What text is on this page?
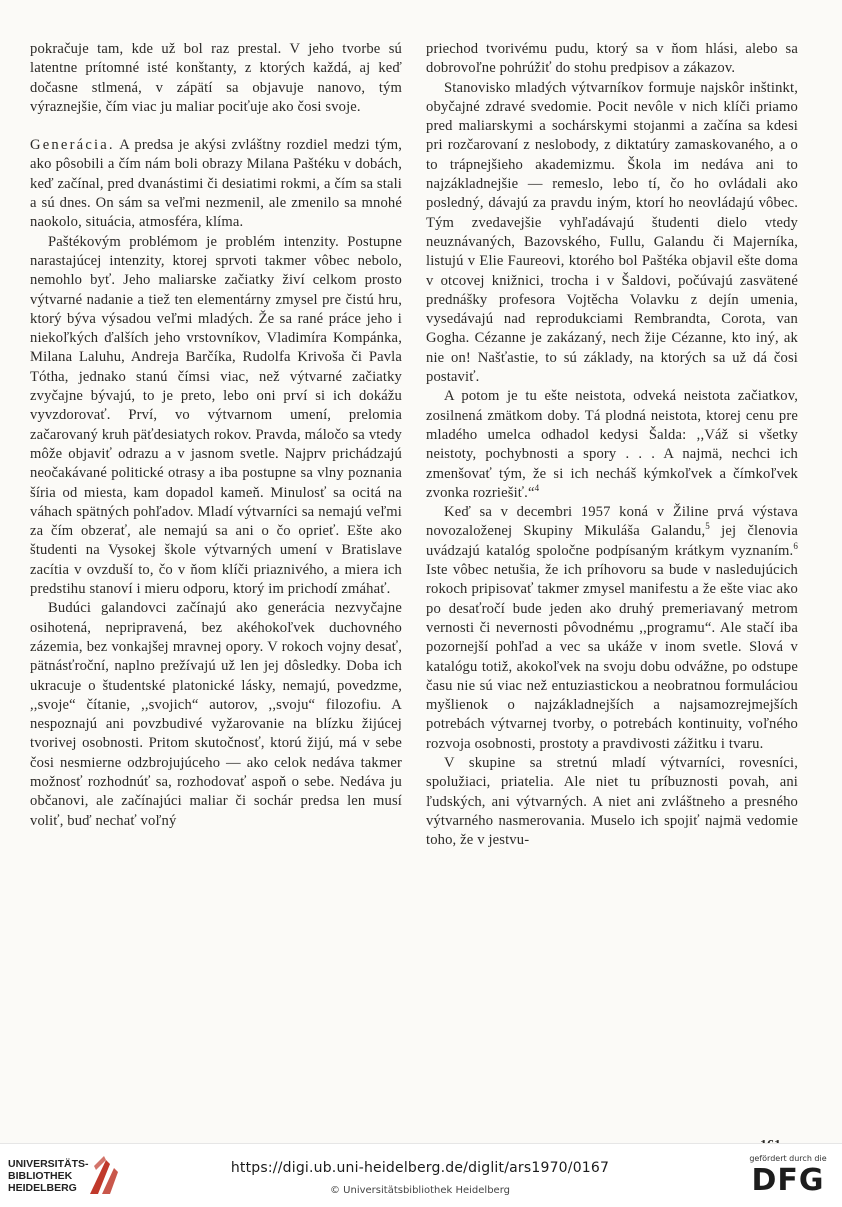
pokračuje tam, kde už bol raz prestal. V jeho tvorbe sú latentne prítomné isté konštanty, z ktorých každá, aj keď dočasne stlmená, v zápätí sa objavuje nanovo, tým výraznejšie, čím viac ju maliar pociťuje ako čosi svoje.

Generácia. A predsa je akýsi zvláštny rozdiel medzi tým, ako pôsobili a čím nám boli obrazy Milana Paštéku v dobách, keď začínal, pred dvanástimi či desiatimi rokmi, a čím sa stali a sú dnes. On sám sa veľmi nezmenil, ale zmenilo sa mnohé naokolo, situácia, atmosféra, klíma.

Paštékovým problémom je problém intenzity. Postupne narastajúcej intenzity, ktorej sprvoti takmer vôbec nebolo, nemohlo byť. Jeho maliarske začiatky živí celkom prosto výtvarné nadanie a tiež ten elementárny zmysel pre čistú hru, ktorý býva výsadou veľmi mladých. Že sa rané práce jeho i niekoľkých ďalších jeho vrstovníkov, Vladimíra Kompánka, Milana Laluhu, Andreja Barčíka, Rudolfa Krivoša či Pavla Tótha, jednako stanú čímsi viac, než výtvarné začiatky zvyčajne bývajú, to je preto, lebo oni prví si ich dokážu vyvzdorovať. Prví, vo výtvarnom umení, prelomia začarovaný kruh päťdesiatych rokov. Pravda, máločo sa vtedy môže objaviť odrazu a v jasnom svetle. Najprv prichádzajú neočakávané politické otrasy a iba postupne sa vlny poznania šíria od miesta, kam dopadol kameň. Minulosť sa ocitá na váhach spätných pohľadov. Mladí výtvarníci sa nemajú veľmi za čím obzerať, ale nemajú sa ani o čo oprieť. Ešte ako študenti na Vysokej škole výtvarných umení v Bratislave zacítia v ovzduší to, čo v ňom klíči priaznivého, a miera ich predstihu stanoví i mieru odporu, ktorý im prichodí zmáhať.

Budúci galandovci začínajú ako generácia nezvyčajne osihotená, nepripravená, bez akéhokoľvek duchovného zázemia, bez vonkajšej mravnej opory. V rokoch vojny desať, pätnásťroční, naplno prežívajú už len jej dôsledky. Doba ich ukracuje o študentské platonické lásky, nemajú, povedzme, ,,svoje“ čítanie, ,,svojich“ autorov, ,,svoju“ filozofiu. A nespoznajú ani povzbudivé vyžarovanie na blízku žijúcej tvorivej osobnosti. Pritom skutočnosť, ktorú žijú, má v sebe čosi nesmierne odzbrojujúceho — ako celok nedáva takmer možnosť rozhodnúť sa, rozhodovať aspoň o sebe. Nedáva ju občanovi, ale začínajúci maliar či sochár predsa len musí voliť, buď nechať voľný

priechod tvorivému pudu, ktorý sa v ňom hlási, alebo sa dobrovoľne pohrúžiť do stohu predpisov a zákazov.

Stanovisko mladých výtvarníkov formuje najskôr inštinkt, obyčajné zdravé svedomie. Pocit nevôle v nich klíči priamo pred maliarskymi a sochárskymi stojanmi a začína sa kdesi pri rozčarovaní z neslobody, z diktatúry zamaskovaného, a o to trápnejšieho akademizmu. Škola im nedáva ani to najzákladnejšie — remeslo, lebo tí, čo ho ovládali ako posledný, dávajú za pravdu iným, ktorí ho neovládajú vôbec. Tým zvedavejšie vyhľadávajú študenti dielo vtedy neuznávaných, Bazovského, Fullu, Galandu či Majerníka, listujú v Elie Faureovi, ktorého bol Paštéka objavil ešte doma v otcovej knižnici, trocha i v Šaldovi, počúvajú zasvätené prednášky profesora Vojtěcha Volavku z dejín umenia, vysedávajú nad reprodukciami Rembrandta, Corota, van Gogha. Cézanne je zakázaný, nech žije Cézanne, kto iný, ak nie on! Našťastie, to sú základy, na ktorých sa už dá čosi postaviť.

A potom je tu ešte neistota, odveká neistota začiatkov, zosilnená zmätkom doby. Tá plodná neistota, ktorej cenu pre mladého umelca odhadol kedysi Šalda: ,,Váž si všetky neistoty, pochybnosti a spory . . . A najmä, nechci ich zmenšovať tým, že si ich necháš kýmkoľvek a čímkoľvek zvonka rozriešiť.“$^4$

Keď sa v decembri 1957 koná v Žiline prvá výstava novozaloženej Skupiny Mikuláša Galandu,$^5$ jej členovia uvádzajú katalóg spoločne podpísaným krátkym vyznaním.$^6$ Iste vôbec netušia, že ich príhovoru sa bude v nasledujúcich rokoch pripisovať takmer zmysel manifestu a že ešte viac ako po desaťročí bude jeden ako druhý premeriavaný metrom vernosti či nevernosti pôvodnému ,,programu“. Ale stačí iba pozornejší pohľad a vec sa ukáže v inom svetle. Slová v katalógu totiž, akokoľvek na svoju dobu odvážne, po odstupe času nie sú viac než entuziastickou a neobratnou formuláciou myšlienok o najzákladnejších a najsamozrejmejších potrebách výtvarnej tvorby, o potrebách kontinuity, voľného rozvoja osobnosti, prostoty a pravdivosti zážitku i tvaru.

V skupine sa stretnú mladí výtvarníci, rovesníci, spolužiaci, priatelia. Ale niet tu príbuznosti povah, ani ľudských, ani výtvarných. A niet ani zvláštneho a presného výtvarného nasmerovania. Muselo ich spojiť najmä vedomie toho, že v jestvu-

UNIVERSITÄTS-
BIBLIOTHEK
HEIDELBERG
https://digi.ub.uni-heidelberg.de/diglit/ars1970/0167
© Universitätsbibliothek Heidelberg
gefördert durch die
DFG
